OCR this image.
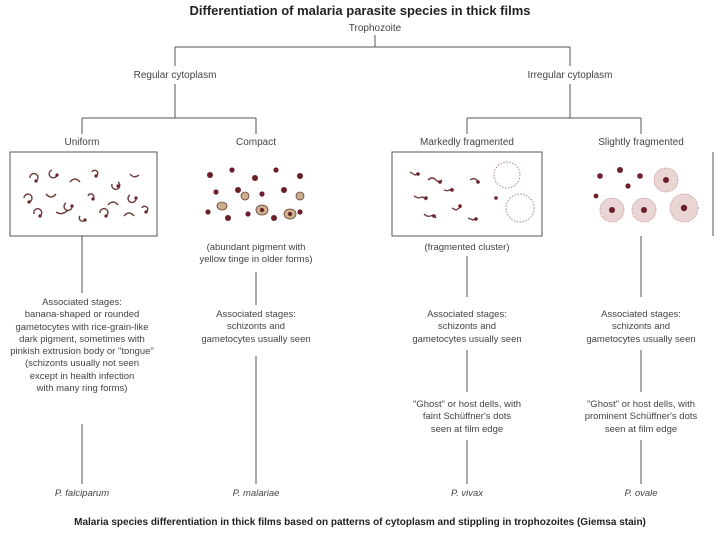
Differentiation of malaria parasite species in thick films
Trophozoite
Regular cytoplasm	Irregular cytoplasm
Uniform
Associated stages:
banana-shaped or rounded
gametocytes with rice-grain-like
dark pigment, sometimes with
pinkish extrusion body or "tongue"
(schizonts usually not seen
except in health infection
with many ring forms)
P. falciparum
Compact
(abundant pigment with
yellow tinge in older forms)
Associated stages:
schizonts and
gametocytes usually seen
P. malariae
Markedly fragmented
(fragmented cluster)
Associated stages:
schizonts and
gametocytes usually seen
"Ghost" or host dells, with
faint Schüffner's dots
seen at film edge
P. vivax
Slightly fragmented
Associated stages:
schizonts and
gametocytes usually seen
"Ghost" or host dells, with
prominent Schüffner's dots
seen at film edge
P. ovale
Malaria species differentiation in thick films based on patterns of cytoplasm and stippling in trophozoites (Giemsa stain)
